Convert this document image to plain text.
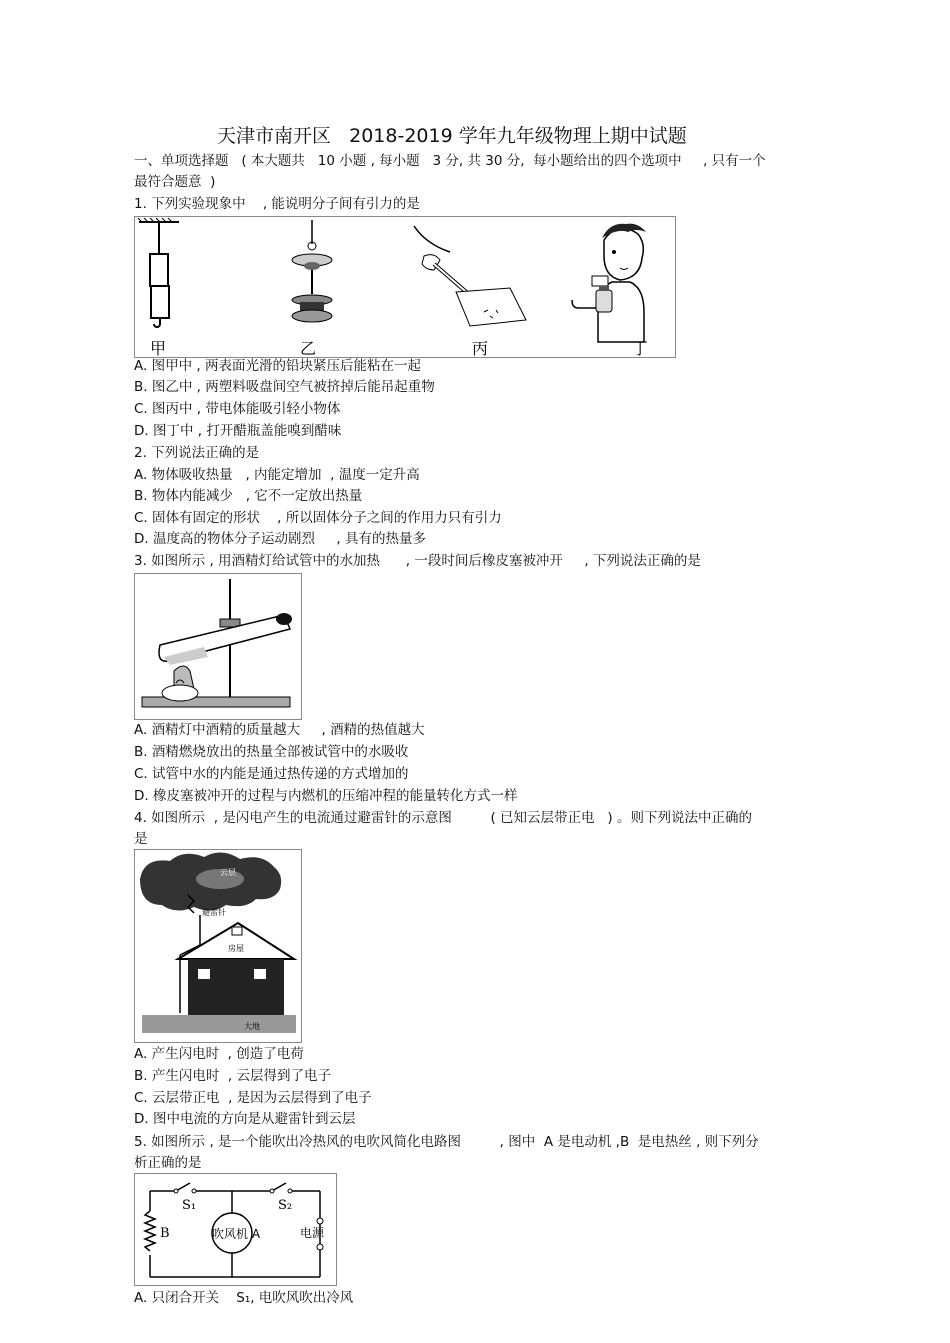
天津市南开区   2018-2019 学年九年级物理上期中试题
一、单项选择题   ( 本大题共   10 小题 , 每小题   3 分, 共 30 分,  每小题给出的四个选项中     , 只有一个
最符合题意  )
1. 下列实验现象中    , 能说明分子间有引力的是
甲	乙	丙	丁
A. 图甲中 , 两表面光滑的铅块紧压后能粘在一起
B. 图乙中 , 两塑料吸盘间空气被挤掉后能吊起重物
C. 图丙中 , 带电体能吸引轻小物体
D. 图丁中 , 打开醋瓶盖能嗅到醋味
2. 下列说法正确的是
A. 物体吸收热量   , 内能定增加  , 温度一定升高
B. 物体内能减少   , 它不一定放出热量
C. 固体有固定的形状    , 所以固体分子之间的作用力只有引力
D. 温度高的物体分子运动剧烈     , 具有的热量多
3. 如图所示 , 用酒精灯给试管中的水加热      , 一段时间后橡皮塞被冲开     , 下列说法正确的是
A. 酒精灯中酒精的质量越大     , 酒精的热值越大
B. 酒精燃烧放出的热量全部被试管中的水吸收
C. 试管中水的内能是通过热传递的方式增加的
D. 橡皮塞被冲开的过程与内燃机的压缩冲程的能量转化方式一样
4. 如图所示  , 是闪电产生的电流通过避雷针的示意图         ( 已知云层带正电   ) 。则下列说法中正确的
是
云层
避雷针
房屋
大地
A. 产生闪电时  , 创造了电荷
B. 产生闪电时  , 云层得到了电子
C. 云层带正电  , 是因为云层得到了电子
D. 图中电流的方向是从避雷针到云层
5. 如图所示 , 是一个能吹出冷热风的电吹风简化电路图         , 图中  A 是电动机 ,B  是电热丝 , 则下列分
析正确的是
S₁	S₂
B	吹风机 A	电源
A. 只闭合开关    S₁, 电吹风吹出冷风
